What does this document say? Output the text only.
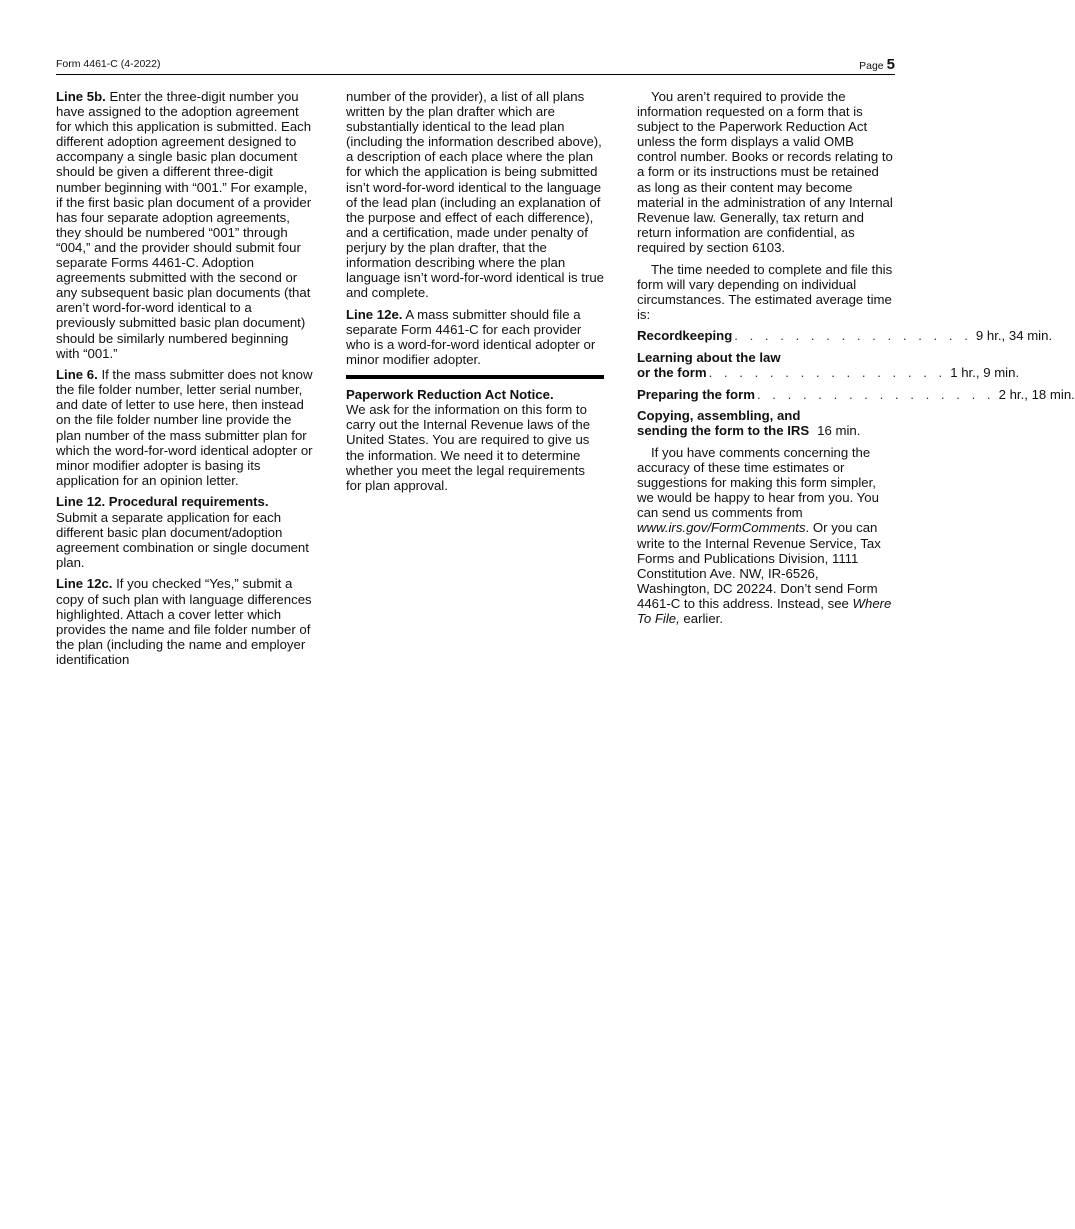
Form 4461-C (4-2022)	Page 5

Line 5b. Enter the three-digit number you have assigned to the adoption agreement for which this application is submitted. Each different adoption agreement designed to accompany a single basic plan document should be given a different three-digit number beginning with “001.” For example, if the first basic plan document of a provider has four separate adoption agreements, they should be numbered “001” through “004,” and the provider should submit four separate Forms 4461-C. Adoption agreements submitted with the second or any subsequent basic plan documents (that aren’t word-for-word identical to a previously submitted basic plan document) should be similarly numbered beginning with “001.”

Line 6. If the mass submitter does not know the file folder number, letter serial number, and date of letter to use here, then instead on the file folder number line provide the plan number of the mass submitter plan for which the word-for-word identical adopter or minor modifier adopter is basing its application for an opinion letter.

Line 12. Procedural requirements.
Submit a separate application for each different basic plan document/adoption agreement combination or single document plan.

Line 12c. If you checked “Yes,” submit a copy of such plan with language differences highlighted. Attach a cover letter which provides the name and file folder number of the plan (including the name and employer identification

number of the provider), a list of all plans written by the plan drafter which are substantially identical to the lead plan (including the information described above), a description of each place where the plan for which the application is being submitted isn’t word-for-word identical to the language of the lead plan (including an explanation of the purpose and effect of each difference), and a certification, made under penalty of perjury by the plan drafter, that the information describing where the plan language isn’t word-for-word identical is true and complete.

Line 12e. A mass submitter should file a separate Form 4461-C for each provider who is a word-for-word identical adopter or minor modifier adopter.

Paperwork Reduction Act Notice.
We ask for the information on this form to carry out the Internal Revenue laws of the United States. You are required to give us the information. We need it to determine whether you meet the legal requirements for plan approval.

You aren’t required to provide the information requested on a form that is subject to the Paperwork Reduction Act unless the form displays a valid OMB control number. Books or records relating to a form or its instructions must be retained as long as their content may become material in the administration of any Internal Revenue law. Generally, tax return and return information are confidential, as required by section 6103.

The time needed to complete and file this form will vary depending on individual circumstances. The estimated average time is:

Recordkeeping . . . . . . . . . . . . . . . . 9 hr., 34 min.
Learning about the law
or the form . . . . . . . . . . . . . . . . 1 hr., 9 min.
Preparing the form . . . . . . . . . . . . . . . . 2 hr., 18 min.
Copying, assembling, and
sending the form to the IRS 16 min.

If you have comments concerning the accuracy of these time estimates or suggestions for making this form simpler, we would be happy to hear from you. You can send us comments from www.irs.gov/FormComments. Or you can write to the Internal Revenue Service, Tax Forms and Publications Division, 1111 Constitution Ave. NW, IR-6526, Washington, DC 20224. Don’t send Form 4461-C to this address. Instead, see Where To File, earlier.
